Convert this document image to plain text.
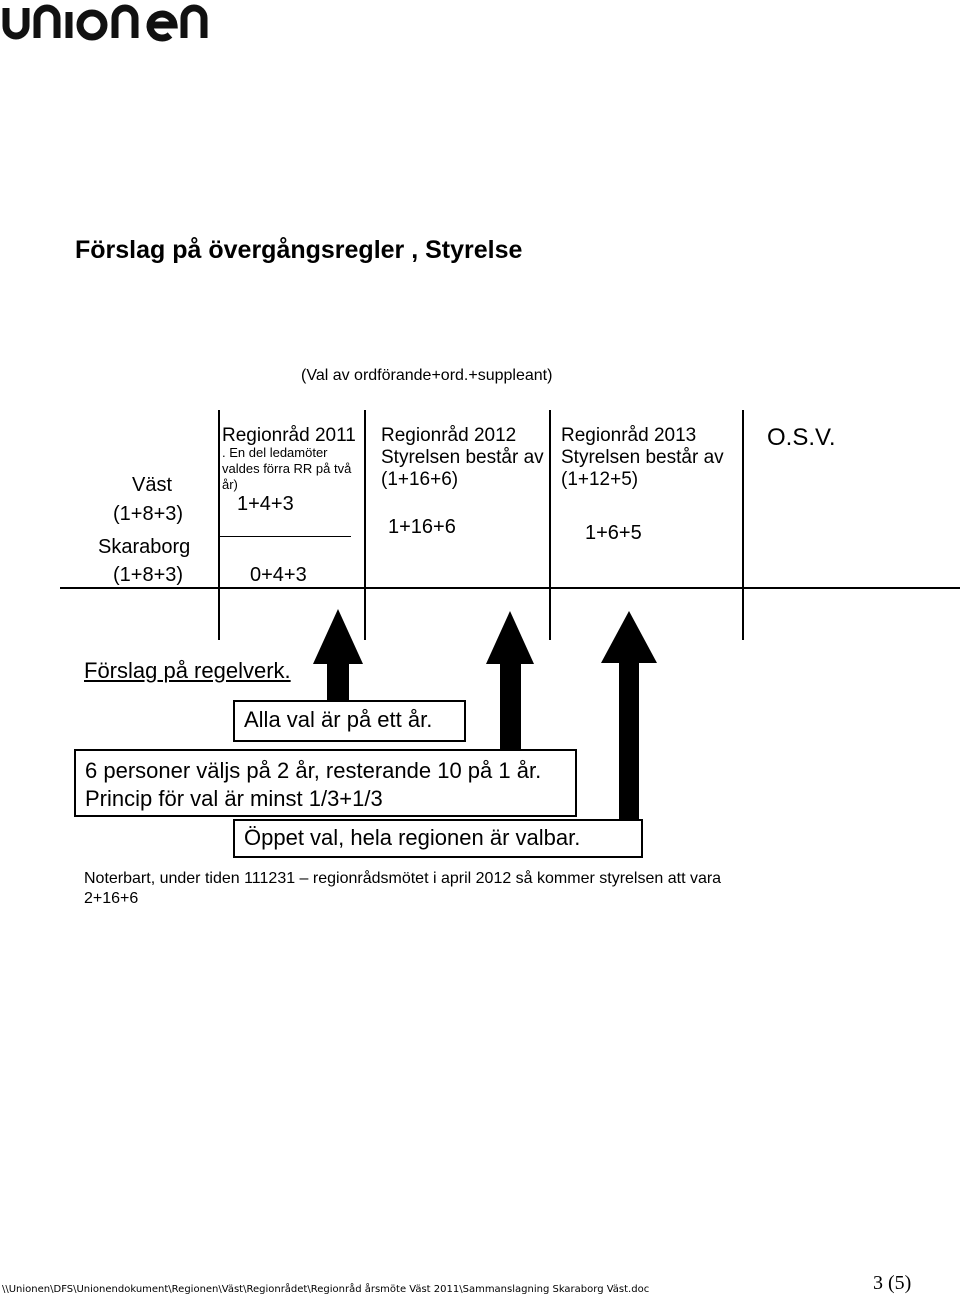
Förslag på övergångsregler , Styrelse
(Val av ordförande+ord.+suppleant)
Väst
(1+8+3)
Skaraborg
(1+8+3)
Regionråd 2011
. En del ledamöter valdes förra RR på två år)
1+4+3
0+4+3
Regionråd 2012
Styrelsen består av
(1+16+6)
1+16+6
Regionråd 2013
Styrelsen består av
(1+12+5)
1+6+5
O.S.V.
Förslag på regelverk.
Alla val är på ett år.
6 personer väljs på 2 år, resterande 10 på 1 år. Princip för val är minst 1/3+1/3
Öppet val, hela regionen är valbar.
Noterbart, under tiden 111231 – regionrådsmötet i april 2012 så kommer styrelsen att vara 2+16+6
\\Unionen\DFS\Unionendokument\Regionen\Väst\Regionrådet\Regionråd årsmöte Väst 2011\Sammanslagning Skaraborg Väst.doc	3 (5)
